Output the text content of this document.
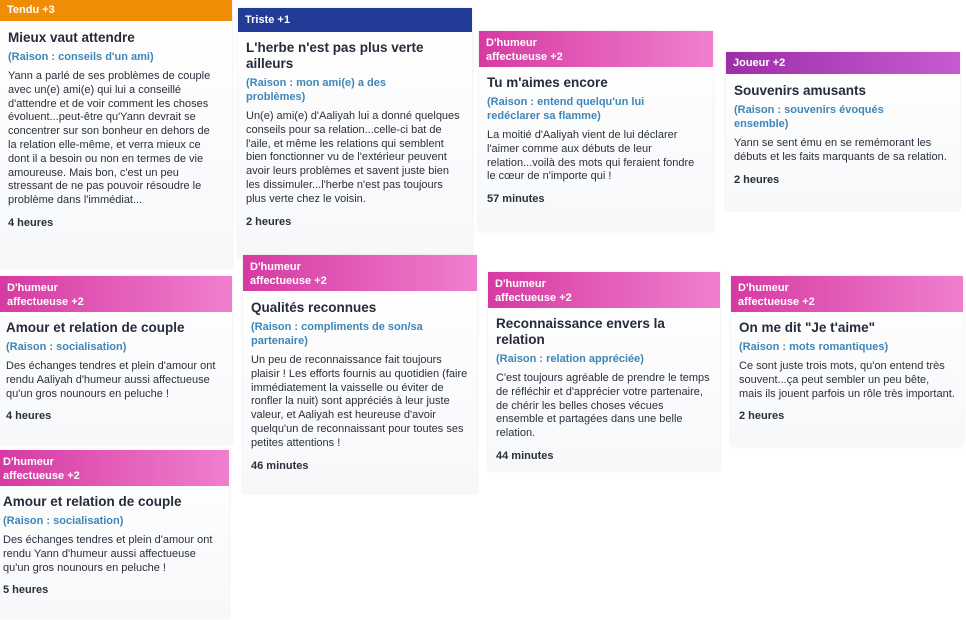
Tendu +3
Mieux vaut attendre
(Raison : conseils d'un ami)
Yann a parlé de ses problèmes de couple avec un(e) ami(e) qui lui a conseillé d'attendre et de voir comment les choses évoluent...peut-être qu'Yann devrait se concentrer sur son bonheur en dehors de la relation elle-même, et verra mieux ce dont il a besoin ou non en termes de vie amoureuse. Mais bon, c'est un peu stressant de ne pas pouvoir résoudre le problème dans l'immédiat...
4 heures
Triste +1
L'herbe n'est pas plus verte ailleurs
(Raison : mon ami(e) a des problèmes)
Un(e) ami(e) d'Aaliyah lui a donné quelques conseils pour sa relation...celle-ci bat de l'aile, et même les relations qui semblent bien fonctionner vu de l'extérieur peuvent avoir leurs problèmes et savent juste bien les dissimuler...l'herbe n'est pas toujours plus verte chez le voisin.
2 heures
D'humeur affectueuse +2
Tu m'aimes encore
(Raison : entend quelqu'un lui redéclarer sa flamme)
La moitié d'Aaliyah vient de lui déclarer l'aimer comme aux débuts de leur relation...voilà des mots qui feraient fondre le cœur de n'importe qui !
57 minutes
Joueur +2
Souvenirs amusants
(Raison : souvenirs évoqués ensemble)
Yann se sent ému en se remémorant les débuts et les faits marquants de sa relation.
2 heures
D'humeur affectueuse +2
Amour et relation de couple
(Raison : socialisation)
Des échanges tendres et plein d'amour ont rendu Aaliyah d'humeur aussi affectueuse qu'un gros nounours en peluche !
4 heures
D'humeur affectueuse +2
Qualités reconnues
(Raison : compliments de son/sa partenaire)
Un peu de reconnaissance fait toujours plaisir ! Les efforts fournis au quotidien (faire immédiatement la vaisselle ou éviter de ronfler la nuit) sont appréciés à leur juste valeur, et Aaliyah est heureuse d'avoir quelqu'un de reconnaissant pour toutes ses petites attentions !
46 minutes
D'humeur affectueuse +2
Reconnaissance envers la relation
(Raison : relation appréciée)
C'est toujours agréable de prendre le temps de réfléchir et d'apprécier votre partenaire, de chérir les belles choses vécues ensemble et partagées dans une belle relation.
44 minutes
D'humeur affectueuse +2
On me dit "Je t'aime"
(Raison : mots romantiques)
Ce sont juste trois mots, qu'on entend très souvent...ça peut sembler un peu bête, mais ils jouent parfois un rôle très important.
2 heures
D'humeur affectueuse +2
Amour et relation de couple
(Raison : socialisation)
Des échanges tendres et plein d'amour ont rendu Yann d'humeur aussi affectueuse qu'un gros nounours en peluche !
5 heures
